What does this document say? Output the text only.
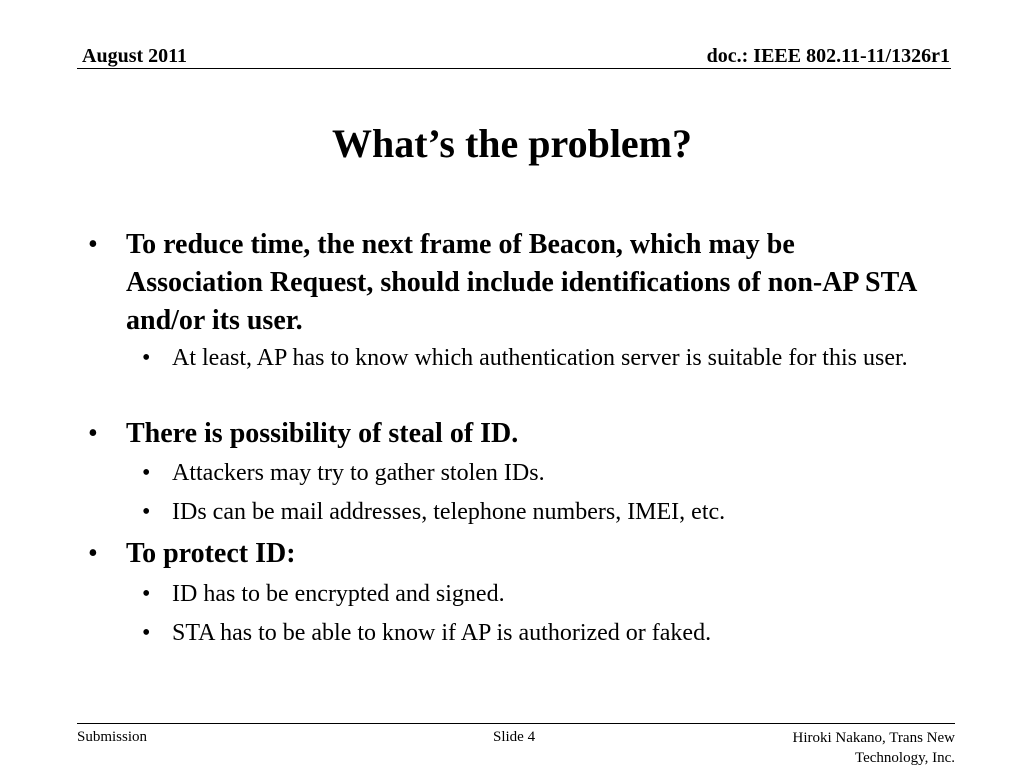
August 2011	doc.: IEEE 802.11-11/1326r1
What’s the problem?
• To reduce time, the next frame of Beacon, which may be Association Request, should include identifications of non-AP STA and/or its user.
• At least, AP has to know which authentication server is suitable for this user.
• There is possibility of steal of ID.
• Attackers may try to gather stolen IDs.
• IDs can be mail addresses, telephone numbers, IMEI, etc.
• To protect ID:
• ID has to be encrypted and signed.
• STA has to be able to know if AP is authorized or faked.
Submission	Slide 4	Hiroki Nakano, Trans New Technology, Inc.
